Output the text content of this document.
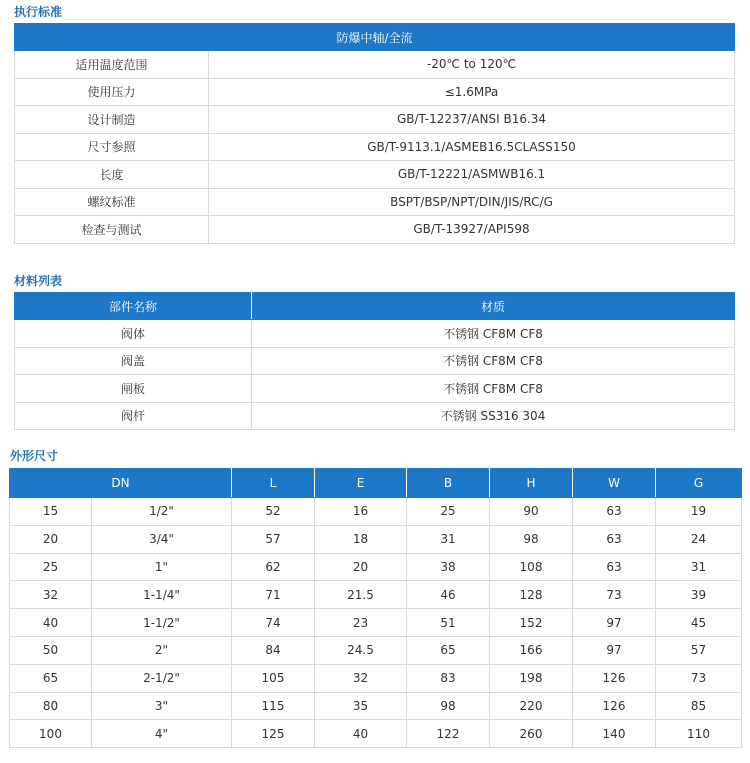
执行标准
防爆中轴/全流	
适用温度范围	-20℃ to 120℃
使用压力	≤1.6MPa
设计制造	GB/T-12237/ANSI B16.34
尺寸参照	GB/T-9113.1/ASMEB16.5CLASS150
长度	GB/T-12221/ASMWB16.1
螺纹标准	BSPT/BSP/NPT/DIN/JIS/RC/G
检查与测试	GB/T-13927/API598
材料列表
部件名称	材质
阀体	不锈钢 CF8M CF8
阀盖	不锈钢 CF8M CF8
闸板	不锈钢 CF8M CF8
阀杆	不锈钢 SS316 304
外形尺寸
DN		L	E	B	H	W	G
15	1/2"	52	16	25	90	63	19
20	3/4"	57	18	31	98	63	24
25	1"	62	20	38	108	63	31
32	1-1/4"	71	21.5	46	128	73	39
40	1-1/2"	74	23	51	152	97	45
50	2"	84	24.5	65	166	97	57
65	2-1/2"	105	32	83	198	126	73
80	3"	115	35	98	220	126	85
100	4"	125	40	122	260	140	110
